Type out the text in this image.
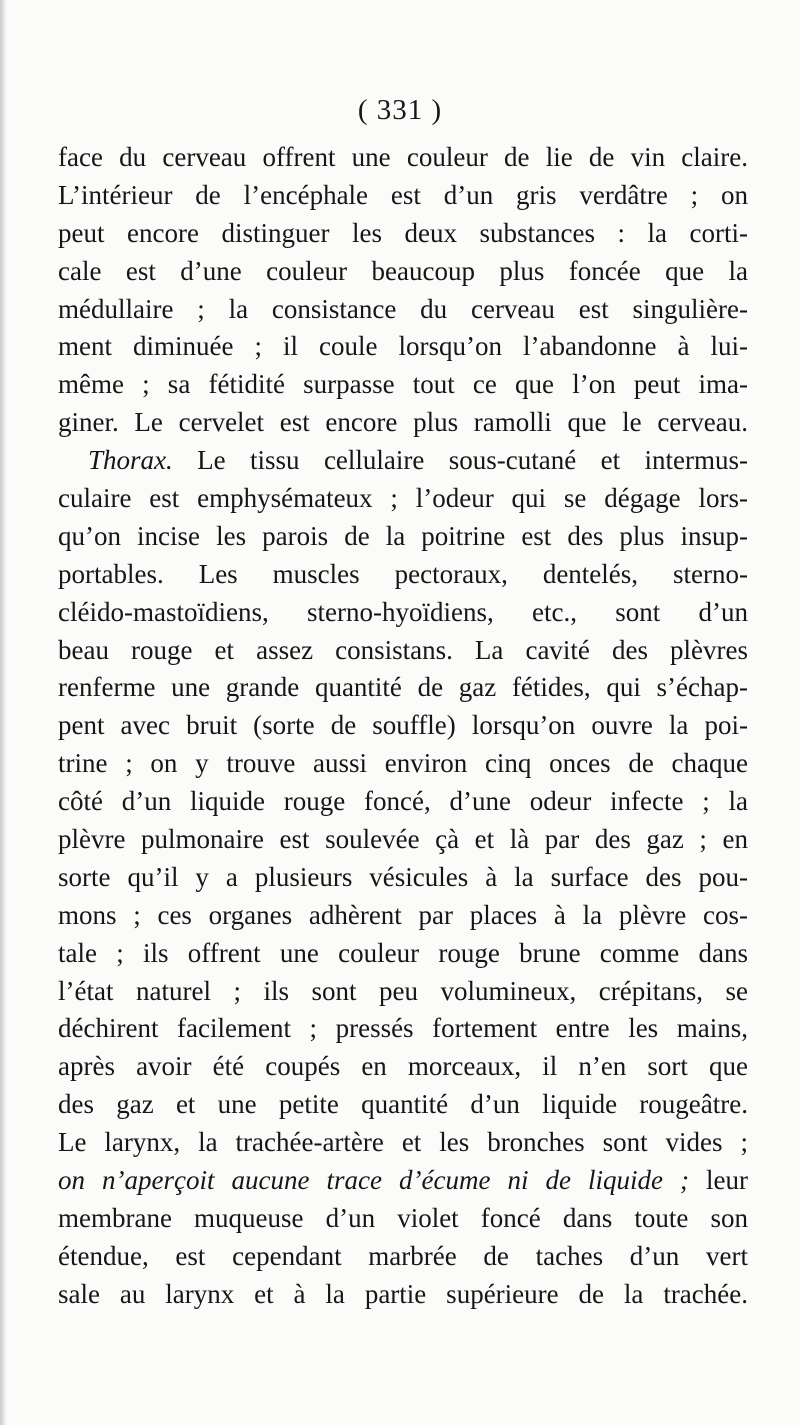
( 331 )
face du cerveau offrent une couleur de lie de vin claire.
L’intérieur de l’encéphale est d’un gris verdâtre ; on
peut encore distinguer les deux substances : la corti-
cale est d’une couleur beaucoup plus foncée que la
médullaire ; la consistance du cerveau est singulière-
ment diminuée ; il coule lorsqu’on l’abandonne à lui-
même ; sa fétidité surpasse tout ce que l’on peut ima-
giner. Le cervelet est encore plus ramolli que le cerveau.
Thorax. Le tissu cellulaire sous-cutané et intermus-
culaire est emphysémateux ; l’odeur qui se dégage lors-
qu’on incise les parois de la poitrine est des plus insup-
portables. Les muscles pectoraux, dentelés, sterno-
cléido-mastoïdiens, sterno-hyoïdiens, etc., sont d’un
beau rouge et assez consistans. La cavité des plèvres
renferme une grande quantité de gaz fétides, qui s’échap-
pent avec bruit (sorte de souffle) lorsqu’on ouvre la poi-
trine ; on y trouve aussi environ cinq onces de chaque
côté d’un liquide rouge foncé, d’une odeur infecte ; la
plèvre pulmonaire est soulevée çà et là par des gaz ; en
sorte qu’il y a plusieurs vésicules à la surface des pou-
mons ; ces organes adhèrent par places à la plèvre cos-
tale ; ils offrent une couleur rouge brune comme dans
l’état naturel ; ils sont peu volumineux, crépitans, se
déchirent facilement ; pressés fortement entre les mains,
après avoir été coupés en morceaux, il n’en sort que
des gaz et une petite quantité d’un liquide rougeâtre.
Le larynx, la trachée-artère et les bronches sont vides ;
on n’aperçoit aucune trace d’écume ni de liquide ; leur
membrane muqueuse d’un violet foncé dans toute son
étendue, est cependant marbrée de taches d’un vert
sale au larynx et à la partie supérieure de la trachée.
